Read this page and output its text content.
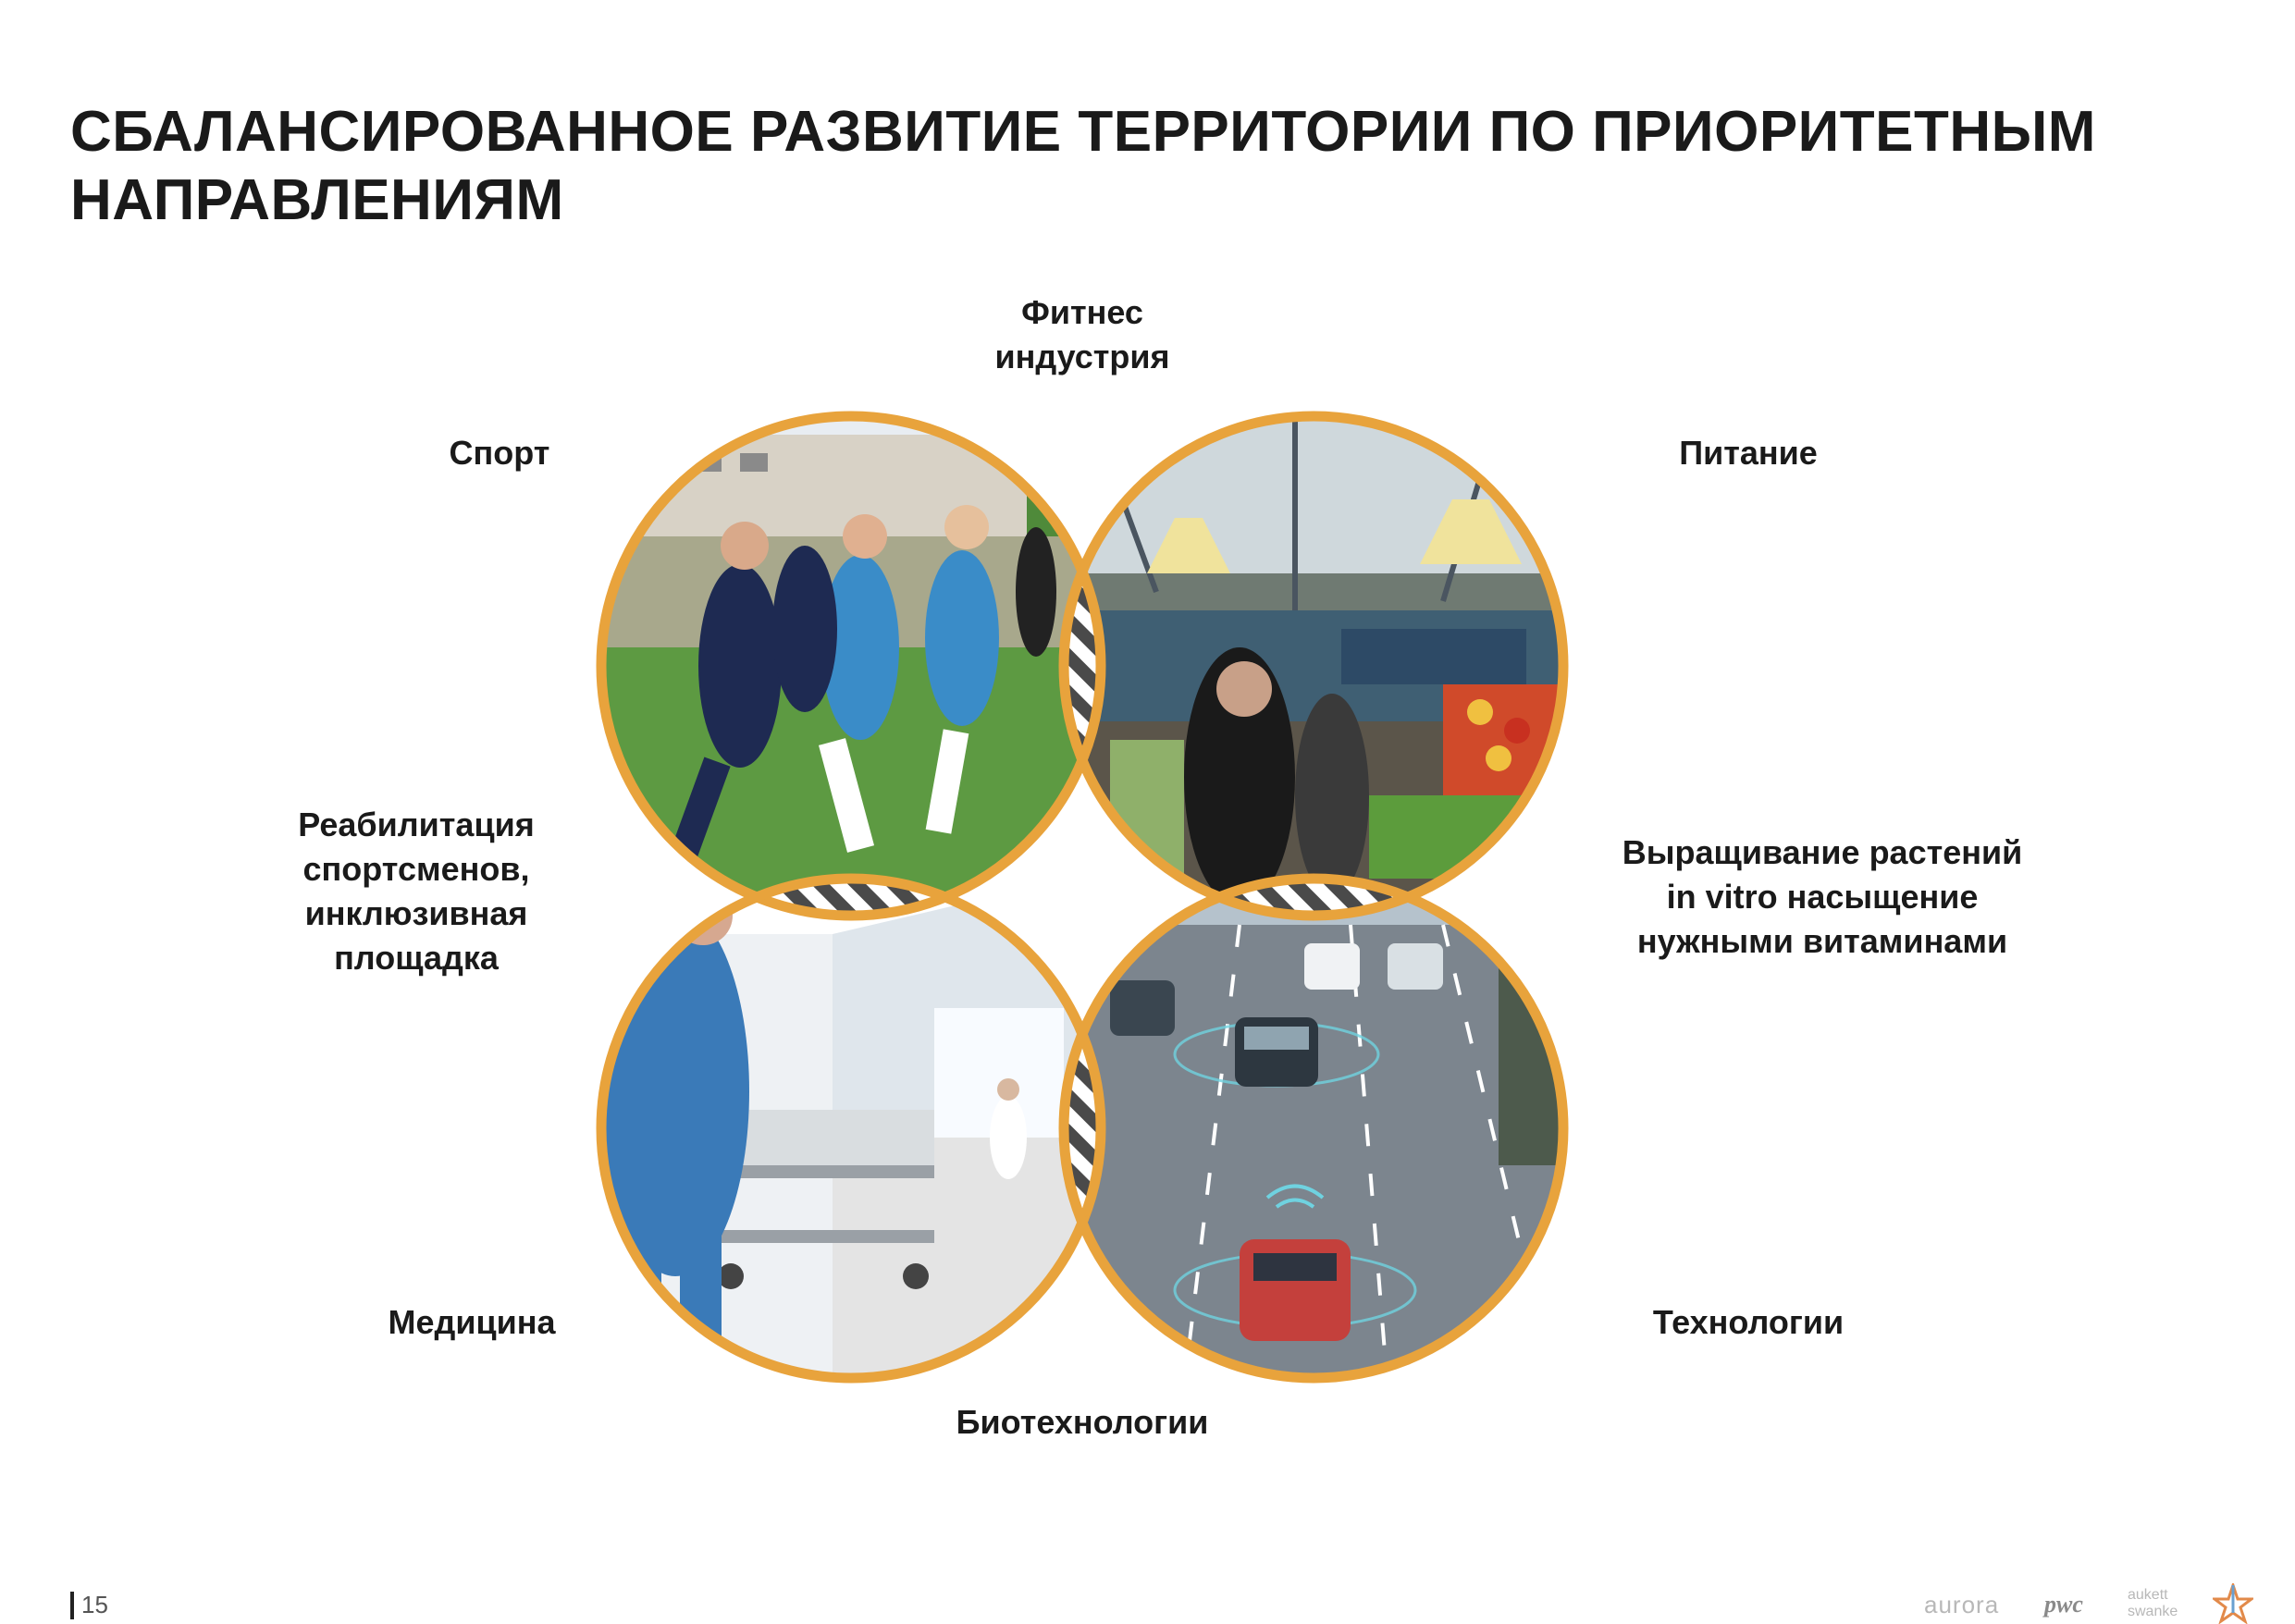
СБАЛАНСИРОВАННОЕ РАЗВИТИЕ ТЕРРИТОРИИ ПО ПРИОРИТЕТНЫМ
НАПРАВЛЕНИЯМ
Фитнес
индустрия
Спорт	Питание
Реабилитация
спортсменов,
инклюзивная
площадка
Выращивание растений
in vitro насыщение
нужными витаминами
Медицина	Технологии
Биотехнологии
15	aurora pwc	aukett swanke
